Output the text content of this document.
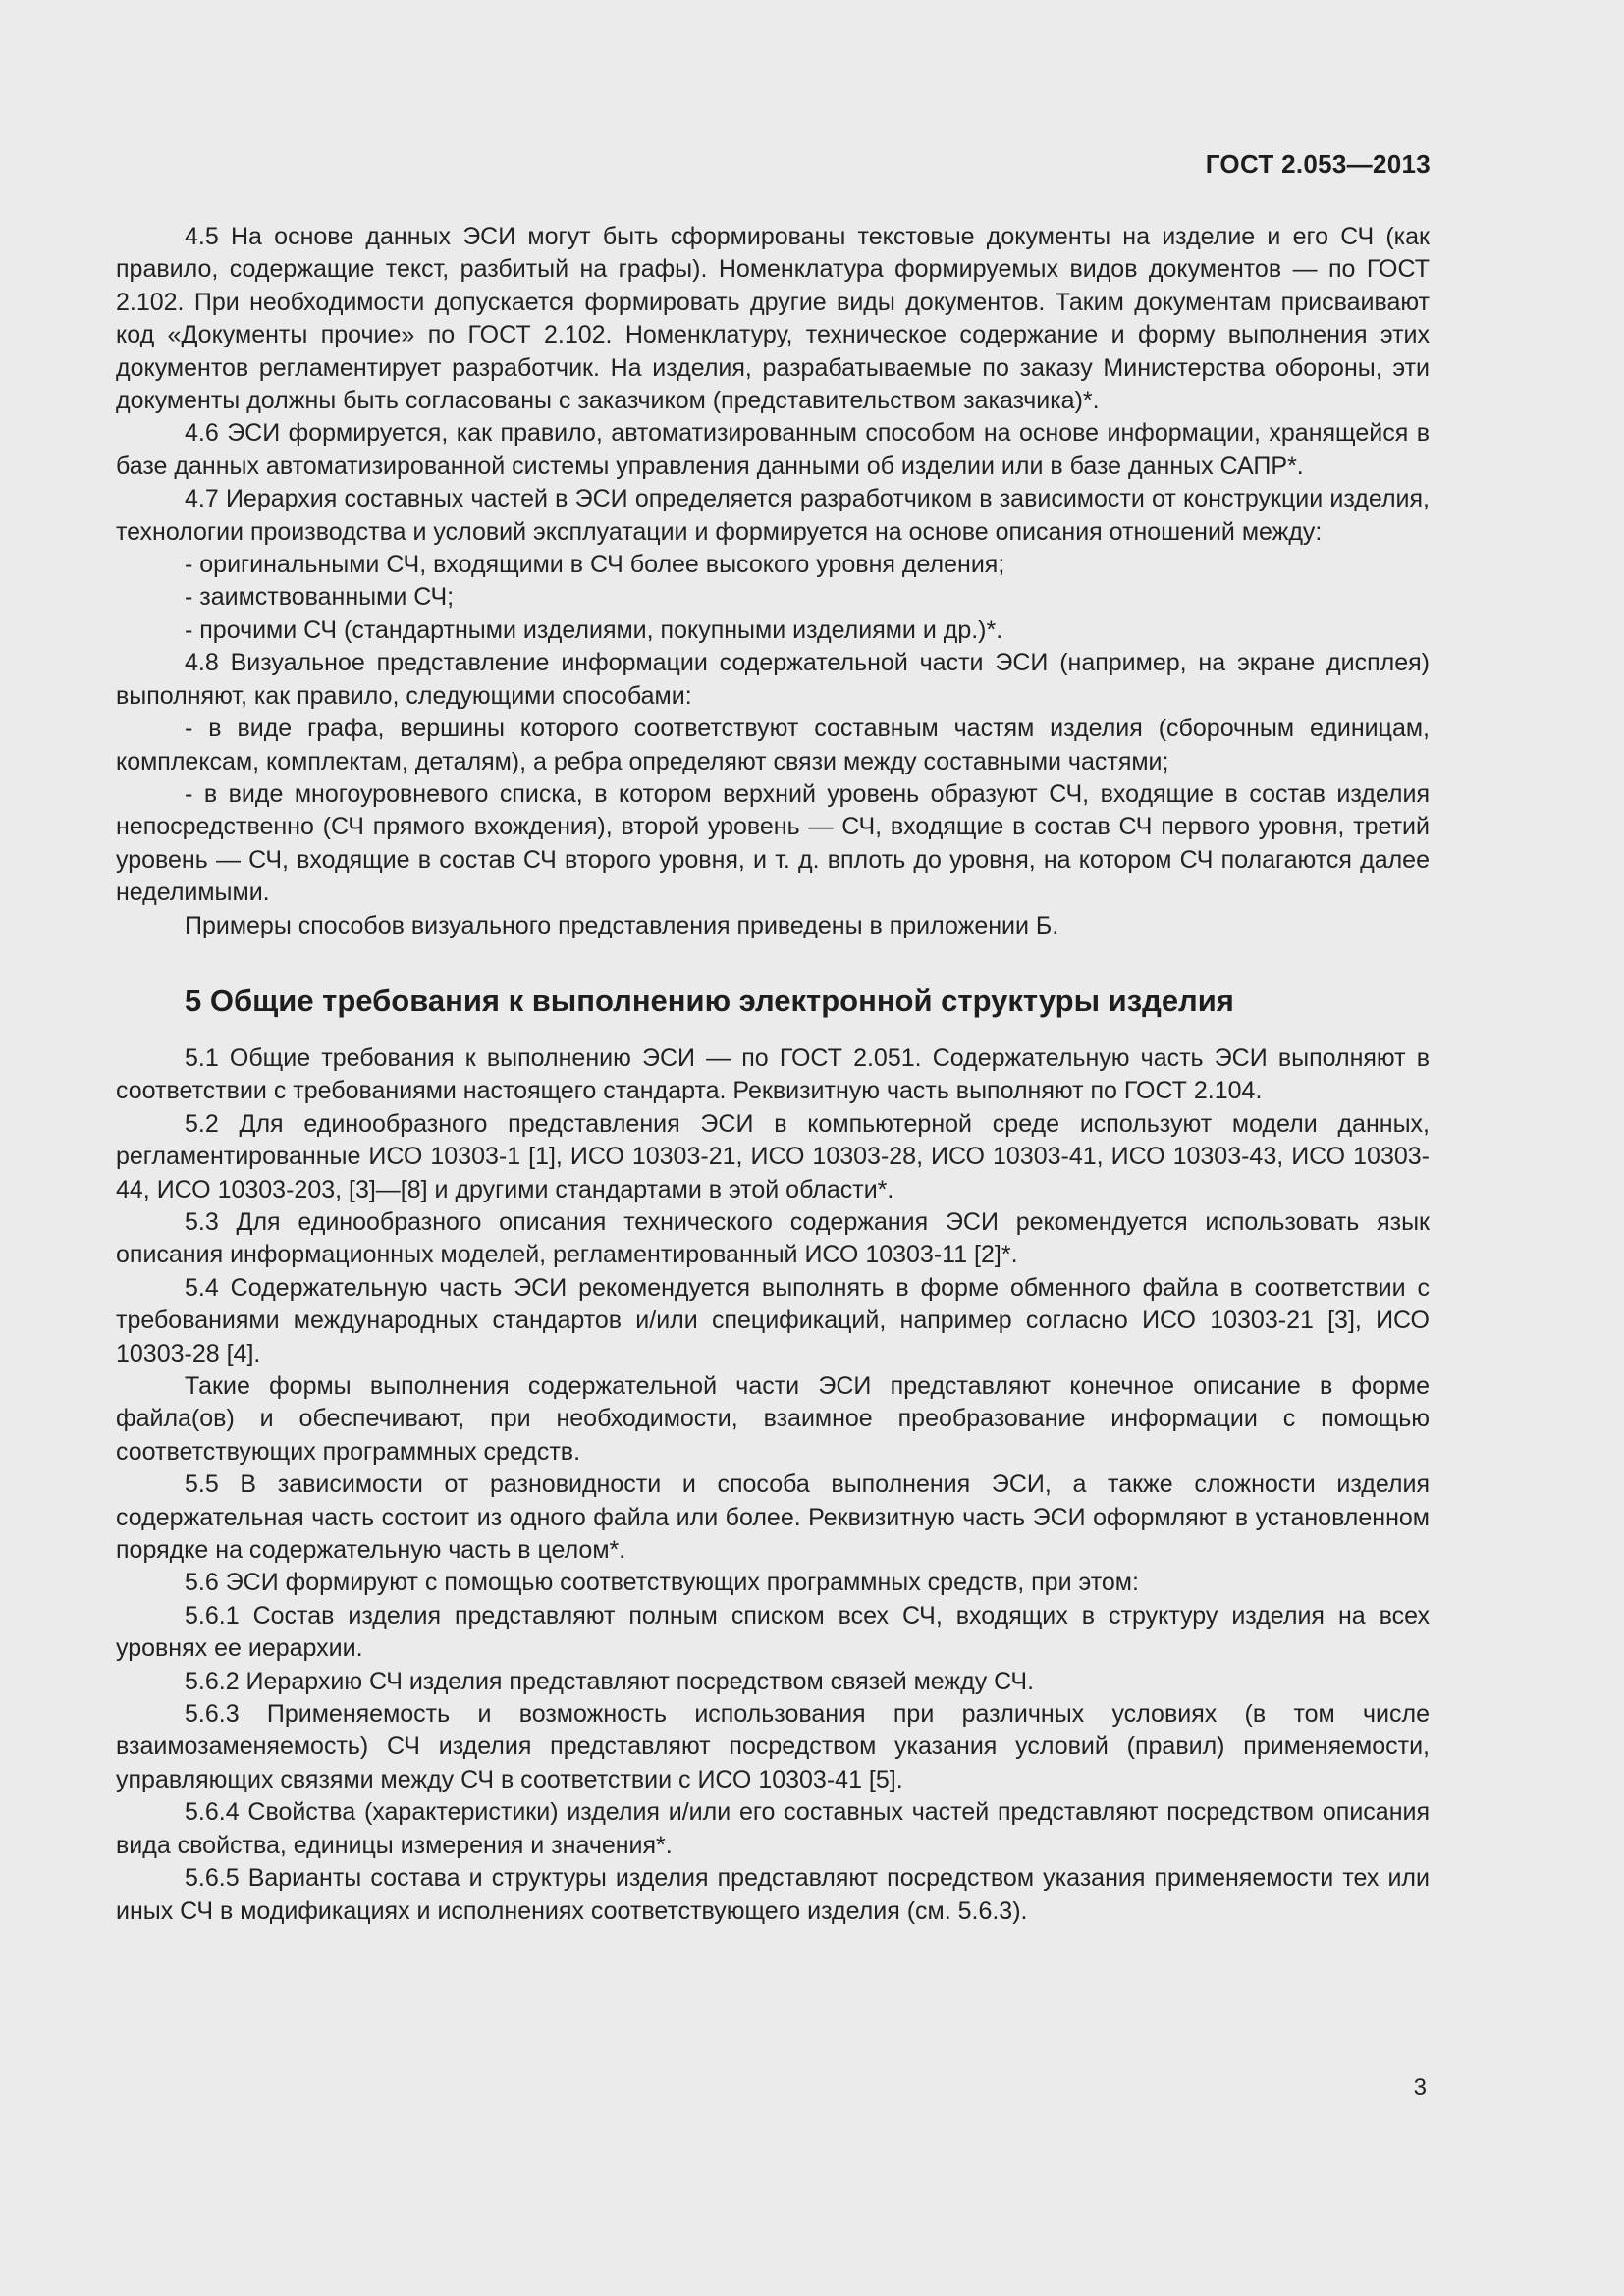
ГОСТ 2.053—2013

4.5 На основе данных ЭСИ могут быть сформированы текстовые документы на изделие и его СЧ (как правило, содержащие текст, разбитый на графы). Номенклатура формируемых видов документов — по ГОСТ 2.102. При необходимости допускается формировать другие виды документов. Таким документам присваивают код «Документы прочие» по ГОСТ 2.102. Номенклатуру, техническое содержание и форму выполнения этих документов регламентирует разработчик. На изделия, разрабатываемые по заказу Министерства обороны, эти документы должны быть согласованы с заказчиком (представительством заказчика)*.

4.6 ЭСИ формируется, как правило, автоматизированным способом на основе информации, хранящейся в базе данных автоматизированной системы управления данными об изделии или в базе данных САПР*.

4.7 Иерархия составных частей в ЭСИ определяется разработчиком в зависимости от конструкции изделия, технологии производства и условий эксплуатации и формируется на основе описания отношений между:

- оригинальными СЧ, входящими в СЧ более высокого уровня деления;

- заимствованными СЧ;

- прочими СЧ (стандартными изделиями, покупными изделиями и др.)*.

4.8 Визуальное представление информации содержательной части ЭСИ (например, на экране дисплея) выполняют, как правило, следующими способами:

- в виде графа, вершины которого соответствуют составным частям изделия (сборочным единицам, комплексам, комплектам, деталям), а ребра определяют связи между составными частями;

- в виде многоуровневого списка, в котором верхний уровень образуют СЧ, входящие в состав изделия непосредственно (СЧ прямого вхождения), второй уровень — СЧ, входящие в состав СЧ первого уровня, третий уровень — СЧ, входящие в состав СЧ второго уровня, и т. д. вплоть до уровня, на котором СЧ полагаются далее неделимыми.

Примеры способов визуального представления приведены в приложении Б.

5 Общие требования к выполнению электронной структуры изделия

5.1 Общие требования к выполнению ЭСИ — по ГОСТ 2.051. Содержательную часть ЭСИ выполняют в соответствии с требованиями настоящего стандарта. Реквизитную часть выполняют по ГОСТ 2.104.

5.2 Для единообразного представления ЭСИ в компьютерной среде используют модели данных, регламентированные ИСО 10303-1 [1], ИСО 10303-21, ИСО 10303-28, ИСО 10303-41, ИСО 10303-43, ИСО 10303-44, ИСО 10303-203, [3]—[8] и другими стандартами в этой области*.

5.3 Для единообразного описания технического содержания ЭСИ рекомендуется использовать язык описания информационных моделей, регламентированный ИСО 10303-11 [2]*.

5.4 Содержательную часть ЭСИ рекомендуется выполнять в форме обменного файла в соответствии с требованиями международных стандартов и/или спецификаций, например согласно ИСО 10303-21 [3], ИСО 10303-28 [4].

Такие формы выполнения содержательной части ЭСИ представляют конечное описание в форме файла(ов) и обеспечивают, при необходимости, взаимное преобразование информации с помощью соответствующих программных средств.

5.5 В зависимости от разновидности и способа выполнения ЭСИ, а также сложности изделия содержательная часть состоит из одного файла или более. Реквизитную часть ЭСИ оформляют в установленном порядке на содержательную часть в целом*.

5.6 ЭСИ формируют с помощью соответствующих программных средств, при этом:

5.6.1 Состав изделия представляют полным списком всех СЧ, входящих в структуру изделия на всех уровнях ее иерархии.

5.6.2 Иерархию СЧ изделия представляют посредством связей между СЧ.

5.6.3 Применяемость и возможность использования при различных условиях (в том числе взаимозаменяемость) СЧ изделия представляют посредством указания условий (правил) применяемости, управляющих связями между СЧ в соответствии с ИСО 10303-41 [5].

5.6.4 Свойства (характеристики) изделия и/или его составных частей представляют посредством описания вида свойства, единицы измерения и значения*.

5.6.5 Варианты состава и структуры изделия представляют посредством указания применяемости тех или иных СЧ в модификациях и исполнениях соответствующего изделия (см. 5.6.3).

3
